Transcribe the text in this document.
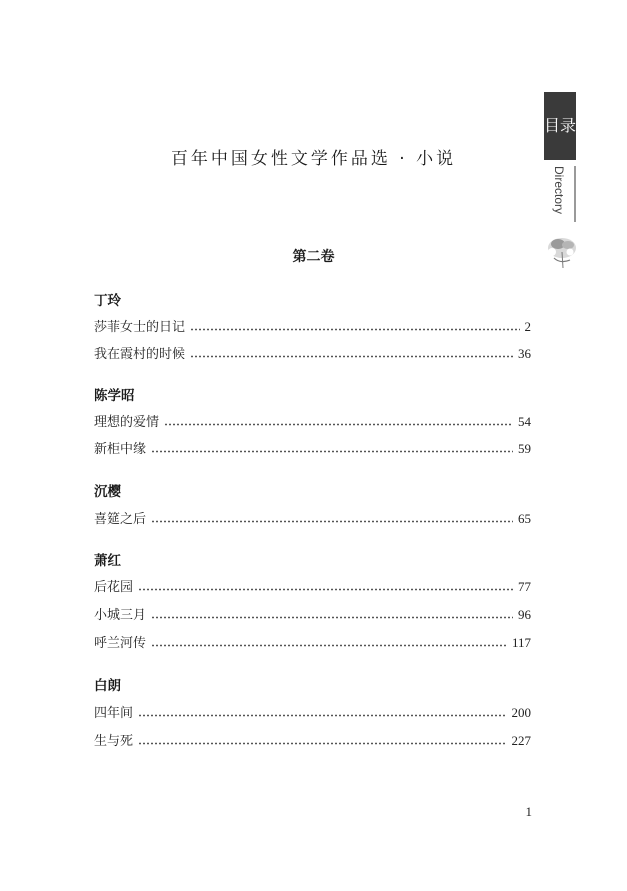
目录
Directory
百年中国女性文学作品选 · 小说
第二卷
丁玲
莎菲女士的日记	2
我在霞村的时候	36
陈学昭
理想的爱情	54
新柜中缘	59
沉樱
喜筵之后	65
萧红
后花园	77
小城三月	96
呼兰河传	117
白朗
四年间	200
生与死	227
1
